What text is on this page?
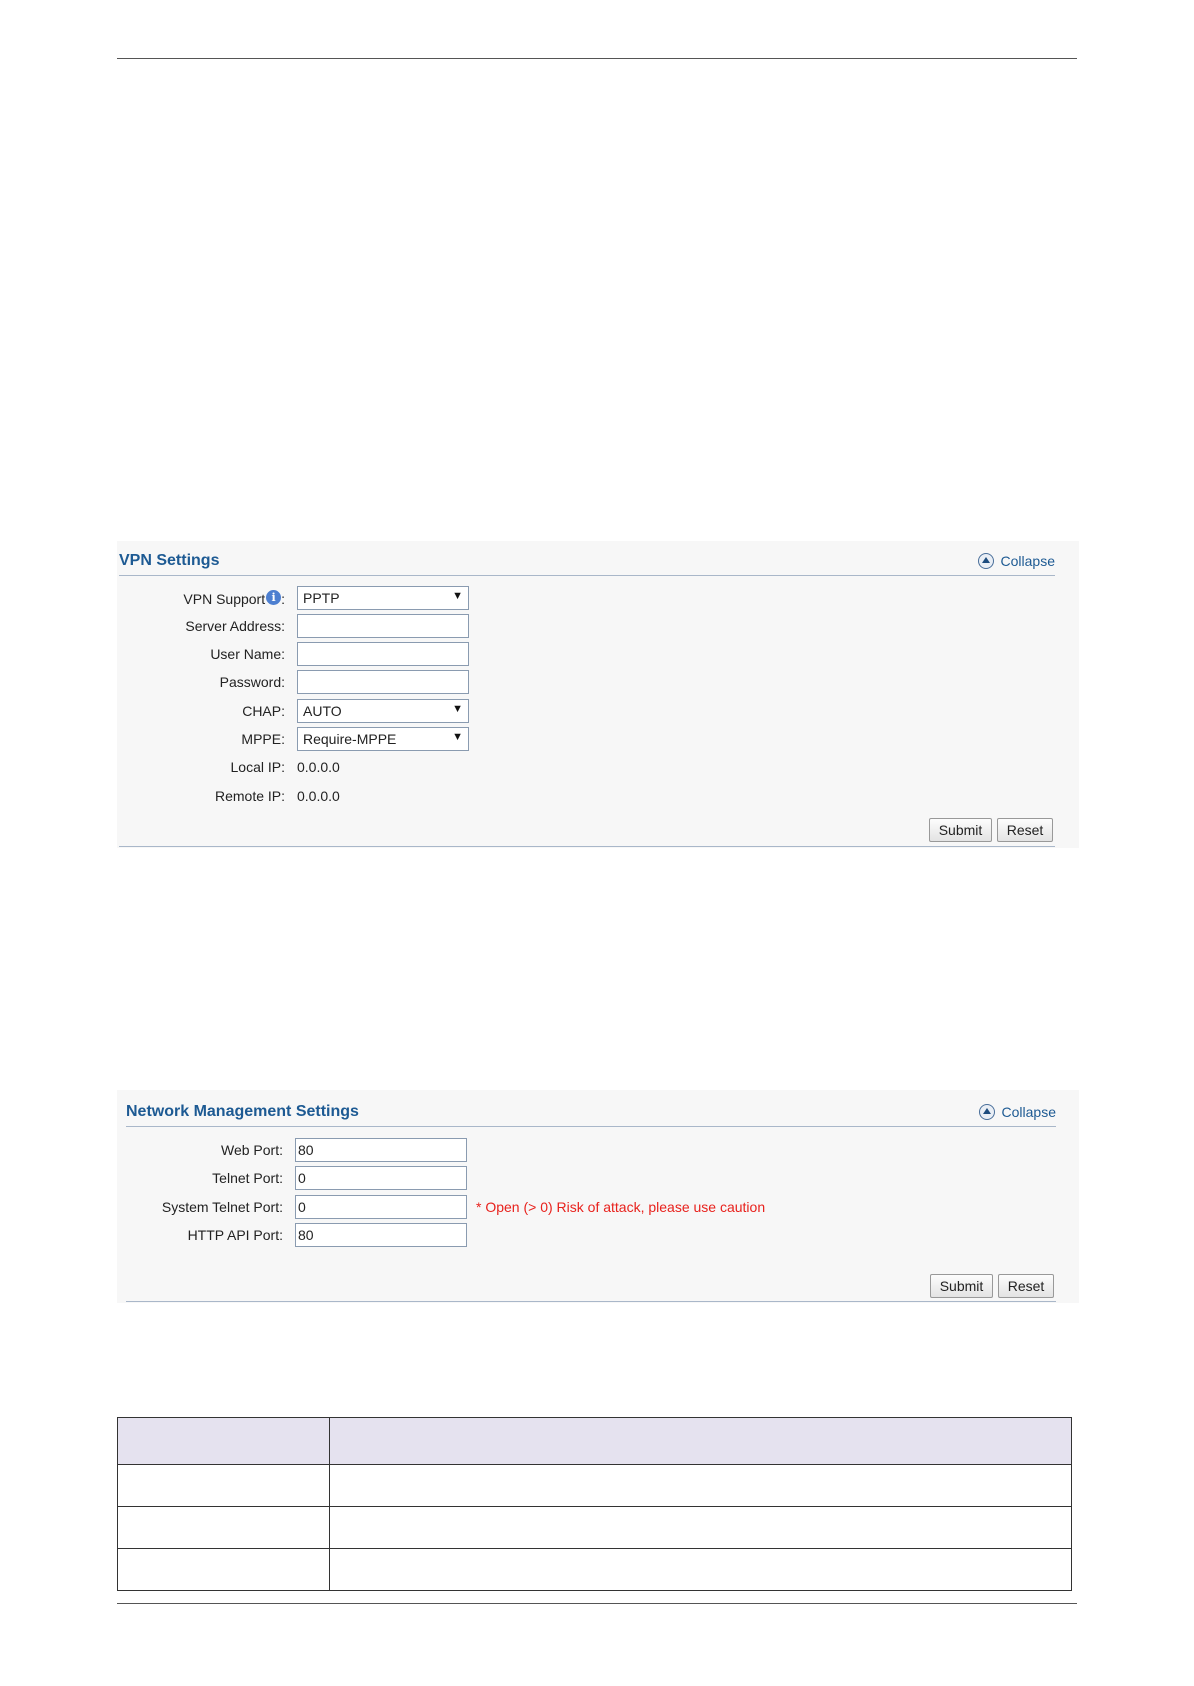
VPN Settings	Collapse
VPN Support i : PPTP	▼
Server Address:
User Name:
Password:
CHAP: AUTO	▼
MPPE: Require-MPPE	▼
Local IP: 0.0.0.0
Remote IP: 0.0.0.0
Submit	Reset
Network Management Settings	Collapse
Web Port:
80
Telnet Port:
0
System Telnet Port:
0	* Open (> 0) Risk of attack, please use caution
HTTP API Port:
80
Submit	Reset
